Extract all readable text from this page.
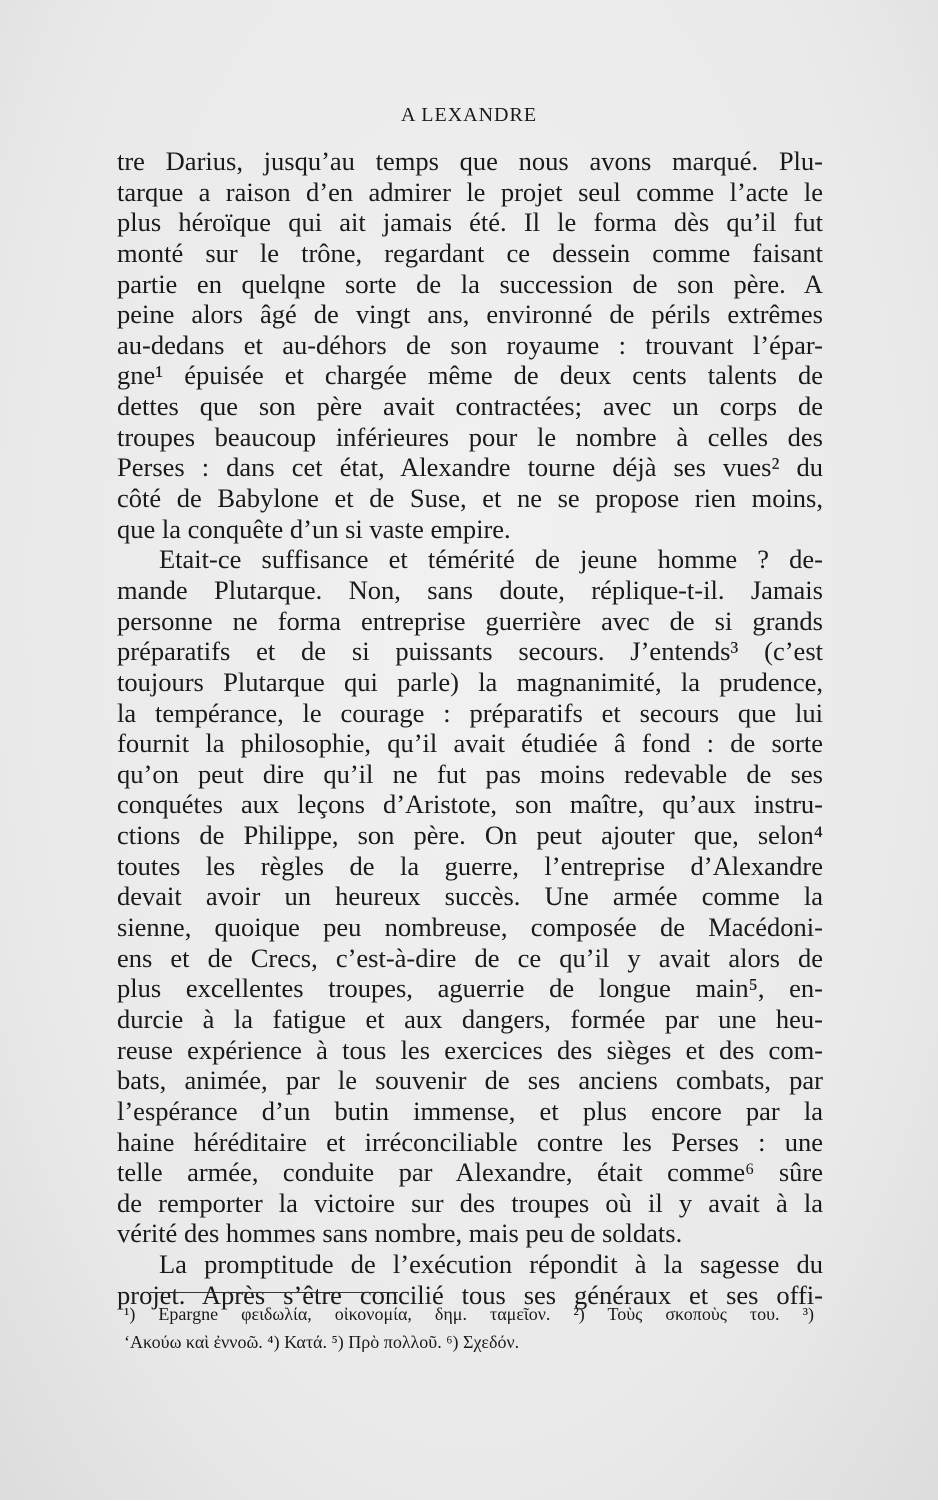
A LEXANDRE
tre Darius, jusqu’au temps que nous avons marqué. Plu-
tarque a raison d’en admirer le projet seul comme l’acte le
plus héroïque qui ait jamais été. Il le forma dès qu’il fut
monté sur le trône, regardant ce dessein comme faisant
partie en quelqne sorte de la succession de son père. A
peine alors âgé de vingt ans, environné de périls extrêmes
au-dedans et au-déhors de son royaume : trouvant l’épar-
gne¹ épuisée et chargée même de deux cents talents de
dettes que son père avait contractées; avec un corps de
troupes beaucoup inférieures pour le nombre à celles des
Perses : dans cet état, Alexandre tourne déjà ses vues² du
côté de Babylone et de Suse, et ne se propose rien moins,
que la conquête d’un si vaste empire.
Etait-ce suffisance et témérité de jeune homme ? de-
mande Plutarque. Non, sans doute, réplique-t-il. Jamais
personne ne forma entreprise guerrière avec de si grands
préparatifs et de si puissants secours. J’entends³ (c’est
toujours Plutarque qui parle) la magnanimité, la prudence,
la tempérance, le courage : préparatifs et secours que lui
fournit la philosophie, qu’il avait étudiée â fond : de sorte
qu’on peut dire qu’il ne fut pas moins redevable de ses
conquétes aux leçons d’Aristote, son maître, qu’aux instru-
ctions de Philippe, son père. On peut ajouter que, selon⁴
toutes les règles de la guerre, l’entreprise d’Alexandre
devait avoir un heureux succès. Une armée comme la
sienne, quoique peu nombreuse, composée de Macédoni-
ens et de Crecs, c’est-à-dire de ce qu’il y avait alors de
plus excellentes troupes, aguerrie de longue main⁵, en-
durcie à la fatigue et aux dangers, formée par une heu-
reuse expérience à tous les exercices des sièges et des com-
bats, animée, par le souvenir de ses anciens combats, par
l’espérance d’un butin immense, et plus encore par la
haine héréditaire et irréconciliable contre les Perses : une
telle armée, conduite par Alexandre, était comme⁶ sûre
de remporter la victoire sur des troupes où il y avait à la
vérité des hommes sans nombre, mais peu de soldats.
La promptitude de l’exécution répondit à la sagesse du
projet. Après s’être concilié tous ses généraux et ses offi-
¹) Epargne φειδωλία, οἰκονομία, δημ. ταμεῖον. ²) Τοὺς σκοποὺς του. ³)
‘Ακούω καὶ ἐννοῶ. ⁴) Κατά. ⁵) Πρὸ πολλοῦ. ⁶) Σχεδόν.
